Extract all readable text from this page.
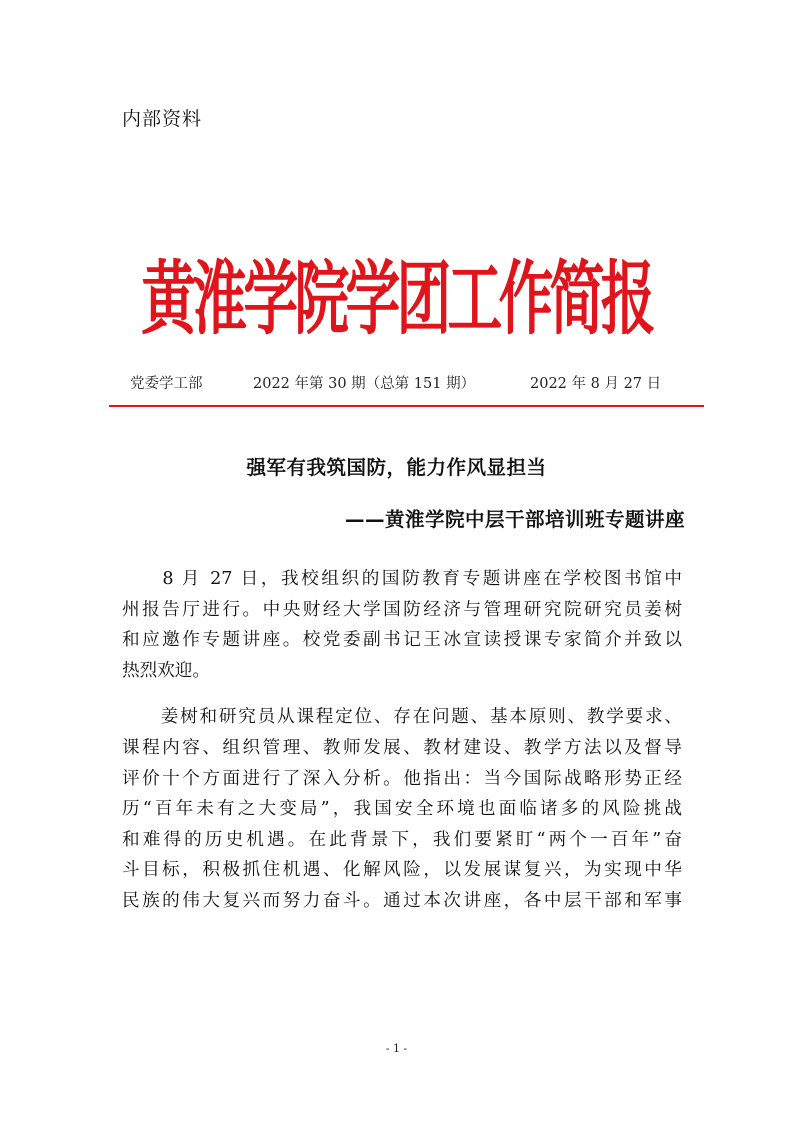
内部资料
黄淮学院学团工作简报
党委学工部	2022 年第 30 期（总第 151 期）	2022 年 8 月 27 日
强军有我筑国防，能力作风显担当
——黄淮学院中层干部培训班专题讲座
　　8 月 27 日，我校组织的国防教育专题讲座在学校图书馆中
州报告厅进行。中央财经大学国防经济与管理研究院研究员姜树
和应邀作专题讲座。校党委副书记王冰宣读授课专家简介并致以
热烈欢迎。
　　姜树和研究员从课程定位、存在问题、基本原则、教学要求、
课程内容、组织管理、教师发展、教材建设、教学方法以及督导
评价十个方面进行了深入分析。他指出：当今国际战略形势正经
历“百年未有之大变局”，我国安全环境也面临诸多的风险挑战
和难得的历史机遇。在此背景下，我们要紧盯“两个一百年”奋
斗目标，积极抓住机遇、化解风险，以发展谋复兴，为实现中华
民族的伟大复兴而努力奋斗。通过本次讲座，各中层干部和军事
- 1 -
